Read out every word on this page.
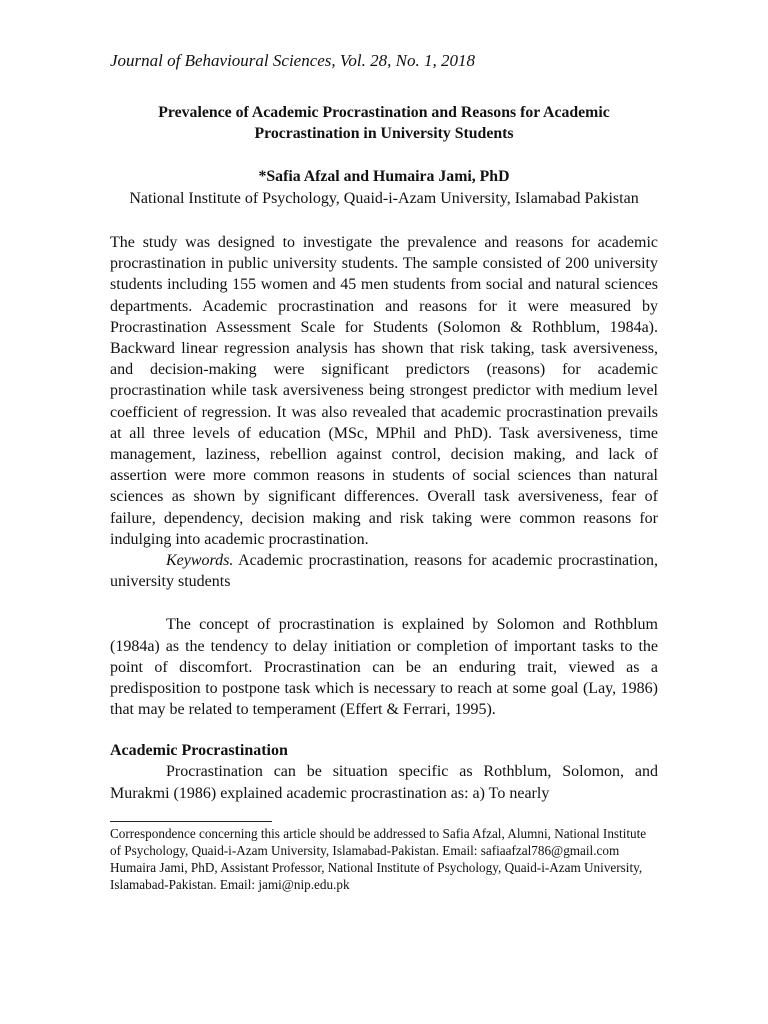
Journal of Behavioural Sciences, Vol. 28, No. 1, 2018

Prevalence of Academic Procrastination and Reasons for Academic Procrastination in University Students

*Safia Afzal and Humaira Jami, PhD

National Institute of Psychology, Quaid-i-Azam University, Islamabad Pakistan

The study was designed to investigate the prevalence and reasons for academic procrastination in public university students. The sample consisted of 200 university students including 155 women and 45 men students from social and natural sciences departments. Academic procrastination and reasons for it were measured by Procrastination Assessment Scale for Students (Solomon & Rothblum, 1984a). Backward linear regression analysis has shown that risk taking, task aversiveness, and decision-making were significant predictors (reasons) for academic procrastination while task aversiveness being strongest predictor with medium level coefficient of regression. It was also revealed that academic procrastination prevails at all three levels of education (MSc, MPhil and PhD). Task aversiveness, time management, laziness, rebellion against control, decision making, and lack of assertion were more common reasons in students of social sciences than natural sciences as shown by significant differences. Overall task aversiveness, fear of failure, dependency, decision making and risk taking were common reasons for indulging into academic procrastination.

Keywords. Academic procrastination, reasons for academic procrastination, university students

The concept of procrastination is explained by Solomon and Rothblum (1984a) as the tendency to delay initiation or completion of important tasks to the point of discomfort. Procrastination can be an enduring trait, viewed as a predisposition to postpone task which is necessary to reach at some goal (Lay, 1986) that may be related to temperament (Effert & Ferrari, 1995).

Academic Procrastination

Procrastination can be situation specific as Rothblum, Solomon, and Murakmi (1986) explained academic procrastination as: a) To nearly

Correspondence concerning this article should be addressed to Safia Afzal, Alumni, National Institute of Psychology, Quaid-i-Azam University, Islamabad-Pakistan. Email: safiaafzal786@gmail.com

Humaira Jami, PhD, Assistant Professor, National Institute of Psychology, Quaid-i-Azam University, Islamabad-Pakistan. Email: jami@nip.edu.pk
